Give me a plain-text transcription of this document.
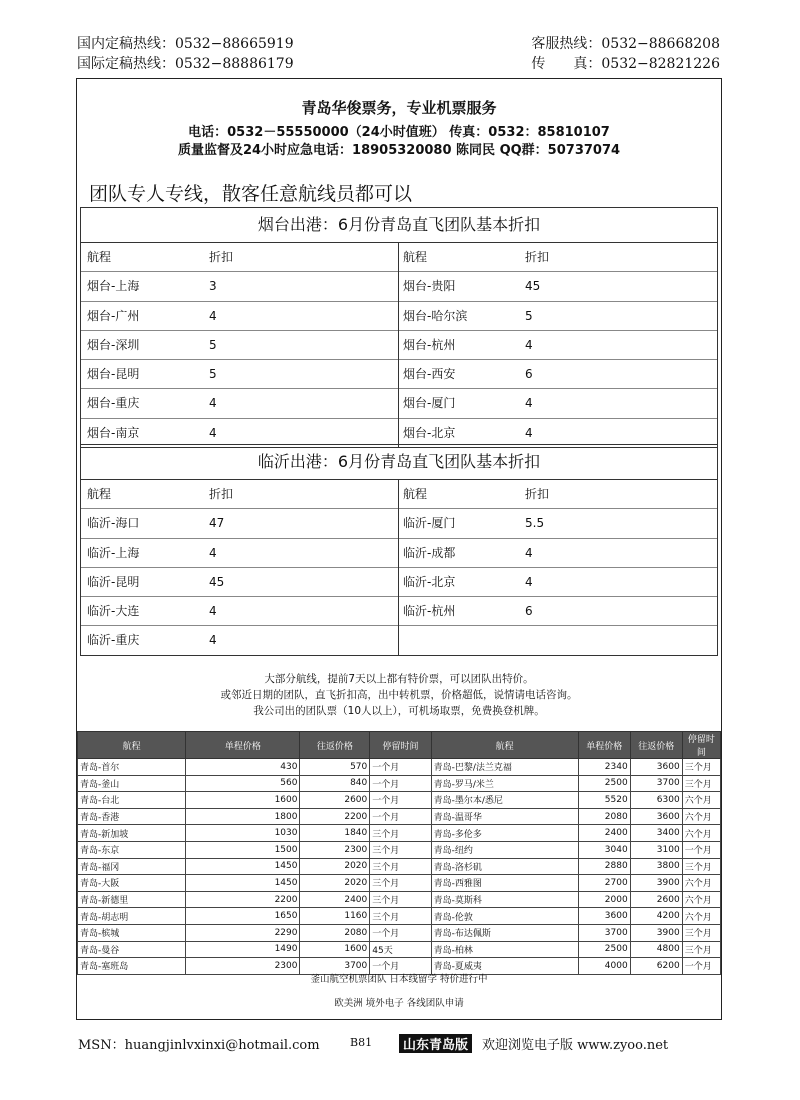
国内定稿热线：0532−88665919
国际定稿热线：0532−88886179
客服热线：0532−88668208
传　　真：0532−82821226
青岛华俊票务，专业机票服务
电话：0532－55550000（24小时值班） 传真：0532：85810107
质量监督及24小时应急电话：18905320080 陈同民 QQ群：50737074
团队专人专线，散客任意航线员都可以
烟台出港：6月份青岛直飞团队基本折扣
航程	折扣
烟台-上海	3
烟台-广州	4
烟台-深圳	5
烟台-昆明	5
烟台-重庆	4
烟台-南京	4
航程	折扣
烟台-贵阳	45
烟台-哈尔滨	5
烟台-杭州	4
烟台-西安	6
烟台-厦门	4
烟台-北京	4
临沂出港：6月份青岛直飞团队基本折扣
航程	折扣
临沂-海口	47
临沂-上海	4
临沂-昆明	45
临沂-大连	4
临沂-重庆	4
航程	折扣
临沂-厦门	5.5
临沂-成都	4
临沂-北京	4
临沂-杭州	6
大部分航线，提前7天以上都有特价票，可以团队出特价。
或邻近日期的团队，直飞折扣高，出中转机票，价格超低，说情请电话咨询。
我公司出的团队票（10人以上），可机场取票，免费换登机牌。
航程	单程价格	往返价格	停留时间	航程	单程价格	往返价格	停留时间
青岛-首尔	430	570	一个月	青岛-巴黎/法兰克福	2340	3600	三个月
青岛-釜山	560	840	一个月	青岛-罗马/米兰	2500	3700	三个月
青岛-台北	1600	2600	一个月	青岛-墨尔本/悉尼	5520	6300	六个月
青岛-香港	1800	2200	一个月	青岛-温哥华	2080	3600	六个月
青岛-新加坡	1030	1840	三个月	青岛-多伦多	2400	3400	六个月
青岛-东京	1500	2300	三个月	青岛-纽约	3040	3100	一个月
青岛-福冈	1450	2020	三个月	青岛-洛杉矶	2880	3800	三个月
青岛-大阪	1450	2020	三个月	青岛-西雅图	2700	3900	六个月
青岛-新德里	2200	2400	三个月	青岛-莫斯科	2000	2600	六个月
青岛-胡志明	1650	1160	三个月	青岛-伦敦	3600	4200	六个月
青岛-槟城	2290	2080	一个月	青岛-布达佩斯	3700	3900	三个月
青岛-曼谷	1490	1600	45天	青岛-柏林	2500	4800	三个月
青岛-塞班岛	2300	3700	一个月	青岛-夏威夷	4000	6200	一个月
釜山航空机票团队 日本线留学 特价进行中
欧美洲 境外电子 各线团队申请
MSN：huangjinlvxinxi@hotmail.com	B81	山东青岛版	欢迎浏览电子版 www.zyoo.net
